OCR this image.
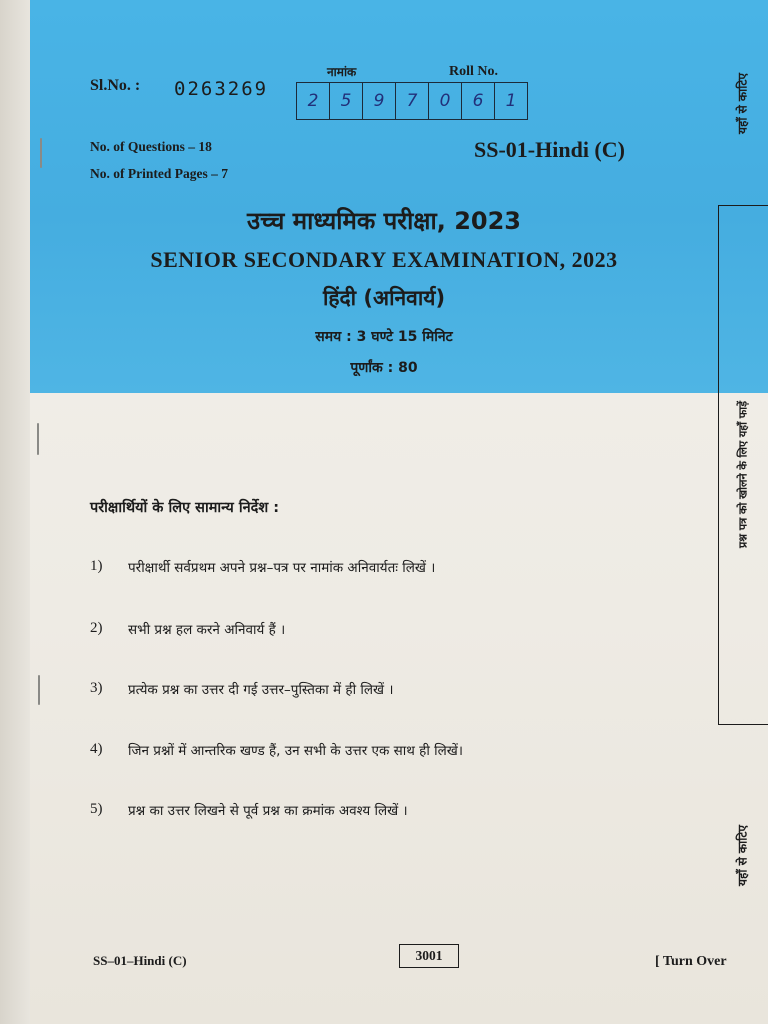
Sl.No. : 0263269
नामांक	Roll No.
2	5	9	7	0	6	1
No. of Questions – 18
No. of Printed Pages – 7
SS-01-Hindi (C)
उच्च माध्यमिक परीक्षा, 2023
SENIOR SECONDARY EXAMINATION, 2023
हिंदी (अनिवार्य)
समय : 3 घण्टे 15 मिनिट
पूर्णांक : 80
परीक्षार्थियों के लिए सामान्य निर्देश :
1)	परीक्षार्थी सर्वप्रथम अपने प्रश्न–पत्र पर नामांक अनिवार्यतः लिखें ।
2)	सभी प्रश्न हल करने अनिवार्य हैं ।
3)	प्रत्येक प्रश्न का उत्तर दी गई उत्तर–पुस्तिका में ही लिखें ।
4)	जिन प्रश्नों में आन्तरिक खण्ड हैं, उन सभी के उत्तर एक साथ ही लिखें।
5)	प्रश्न का उत्तर लिखने से पूर्व प्रश्न का क्रमांक अवश्य लिखें ।
यहाँ से काटिए
प्रश्न पत्र को खोलने के लिए यहाँ फाड़ें
यहाँ से काटिए
SS–01–Hindi (C)	3001	[ Turn Over
